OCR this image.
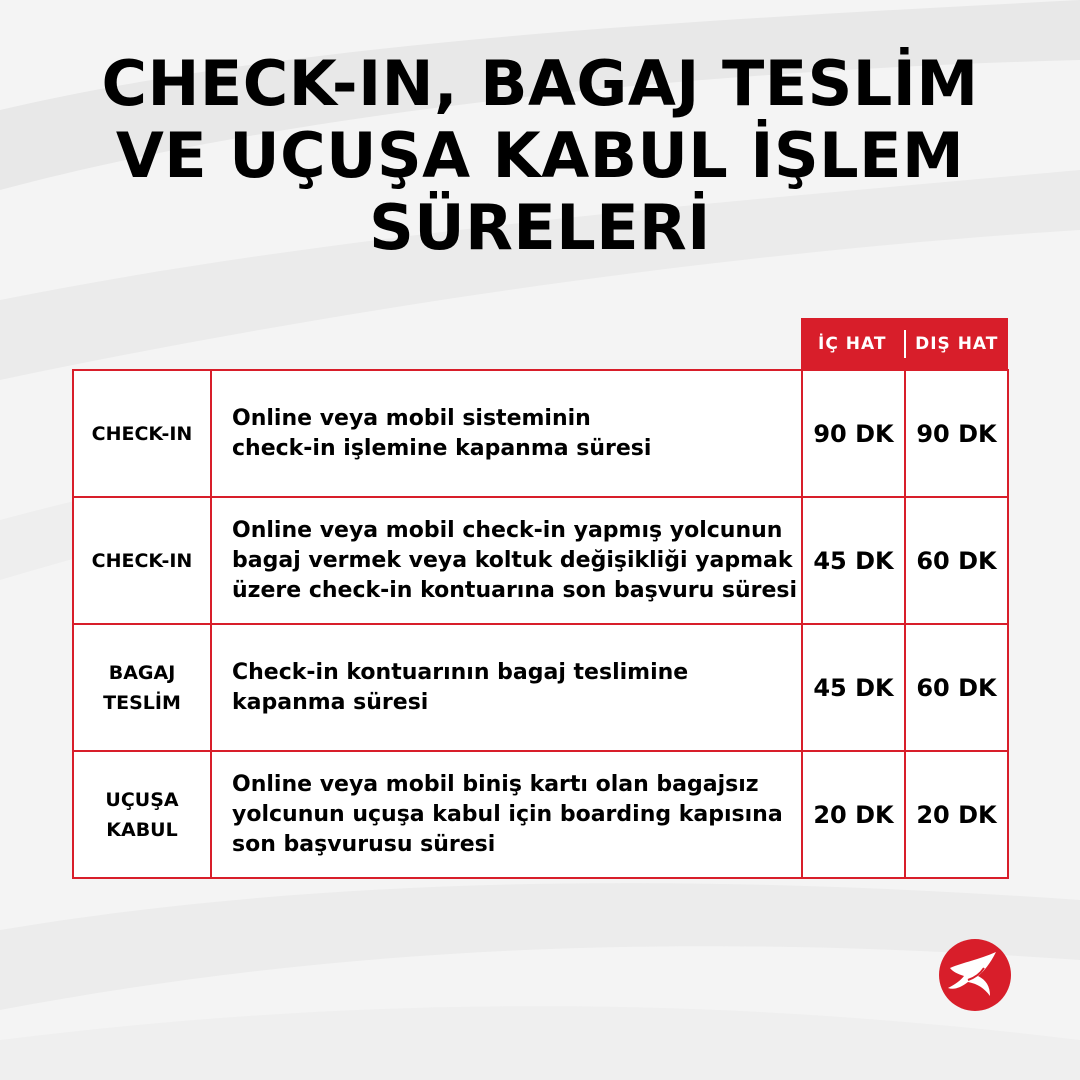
CHECK-IN, BAGAJ TESLİM
VE UÇUŞA KABUL İŞLEM
SÜRELERİ
İÇ HAT	DIŞ HAT
CHECK-IN	Online veya mobil sisteminin
check-in işlemine kapanma süresi	90 DK	90 DK

CHECK-IN	Online veya mobil check-in yapmış yolcunun
bagaj vermek veya koltuk değişikliği yapmak
üzere check-in kontuarına son başvuru süresi	45 DK	60 DK

BAGAJ
TESLİM	Check-in kontuarının bagaj teslimine
kapanma süresi	45 DK	60 DK

UÇUŞA
KABUL	Online veya mobil biniş kartı olan bagajsız
yolcunun uçuşa kabul için boarding kapısına
son başvurusu süresi	20 DK	20 DK
